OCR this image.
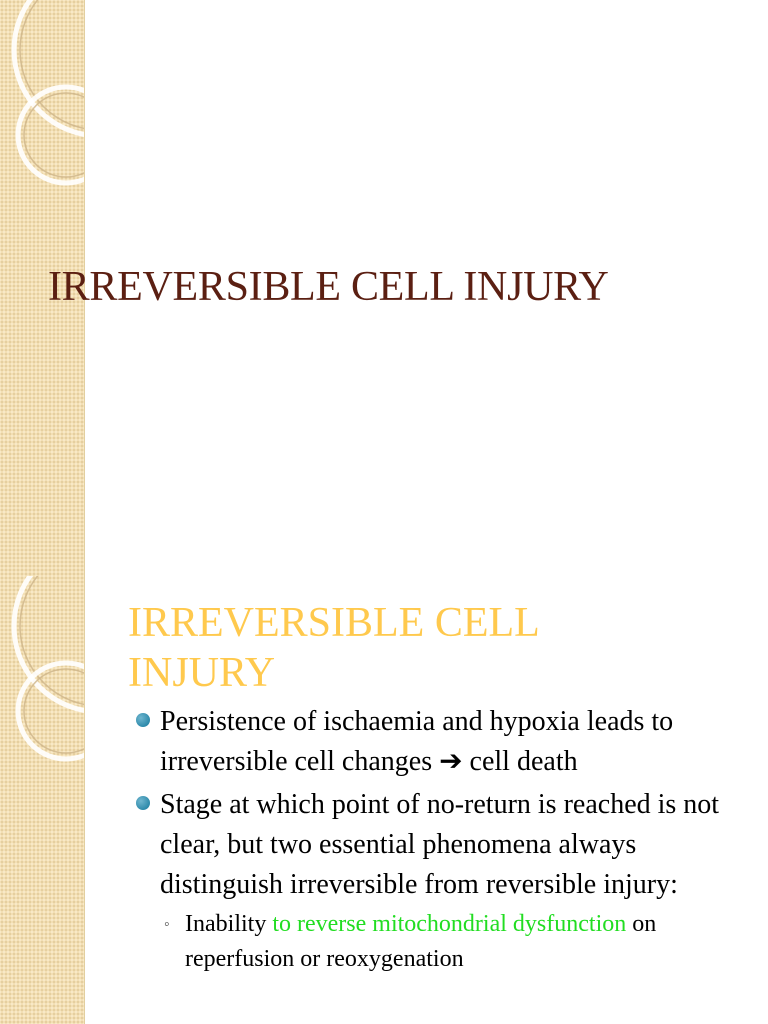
IRREVERSIBLE CELL INJURY
IRREVERSIBLE CELL INJURY
Persistence of ischaemia and hypoxia leads to irreversible cell changes ➔ cell death
Stage at which point of no-return is reached is not clear, but two essential phenomena always distinguish irreversible from reversible injury:
◦ Inability to reverse mitochondrial dysfunction on reperfusion or reoxygenation
